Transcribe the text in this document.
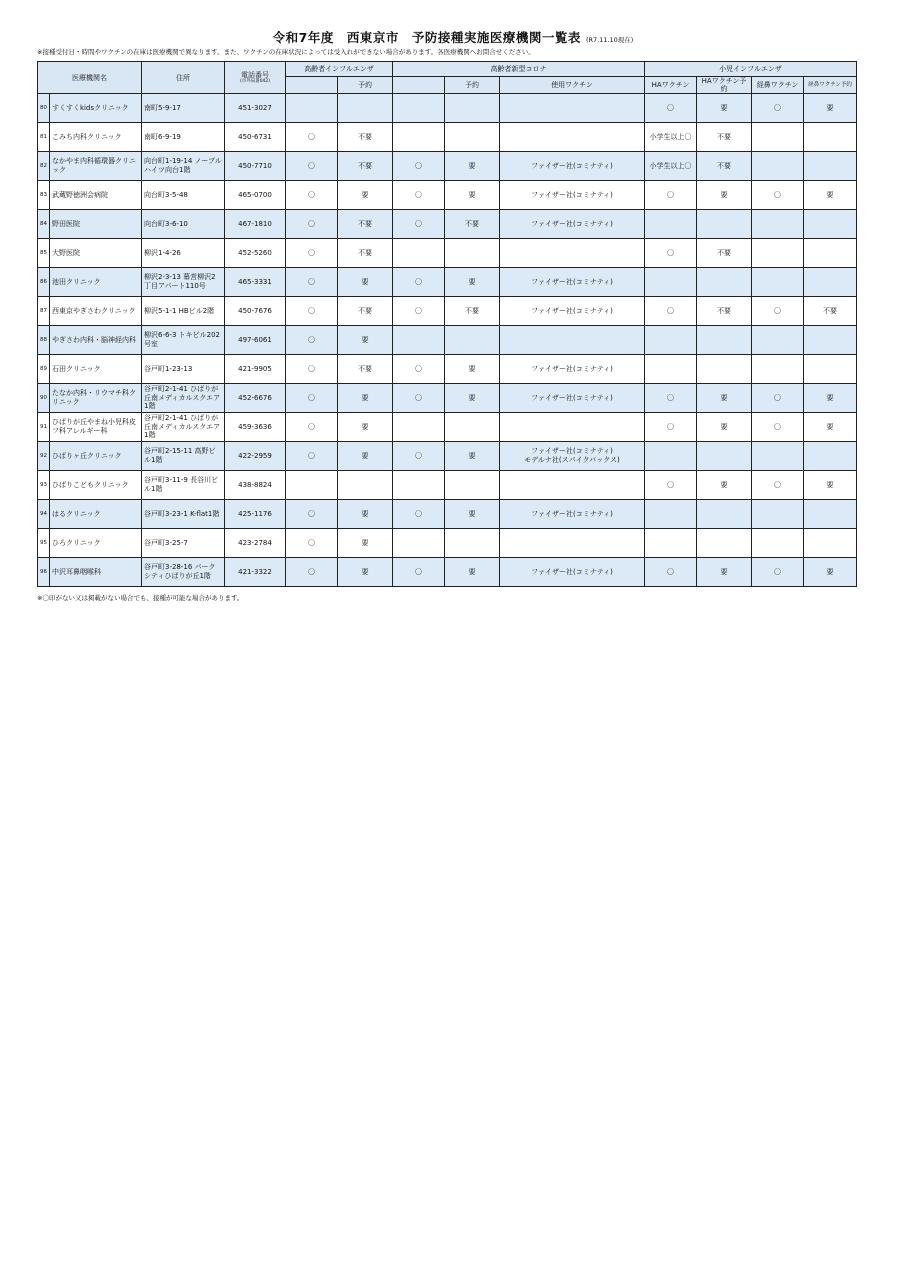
令和7年度　西東京市　予防接種実施医療機関一覧表 (R7.11.10現在)
※接種受付日・時間やワクチンの在庫は医療機関で異なります。また、ワクチンの在庫状況によっては受入れができない場合があります。各医療機関へお問合せください。
医療機関名		住所	電話番号
(市外局番042)	高齢者インフルエンザ		高齢者新型コロナ			小児インフルエンザ			
					予約		予約	使用ワクチン	HAワクチン	HAワクチン予約	経鼻ワクチン	経鼻ワクチン予約
80	すくすくkidsクリニック	南町5-9-17	451-3027						〇	要	〇	要
81	こみち内科クリニック	南町6-9-19	450-6731	〇	不要				小学生以上〇	不要		
82	なかやま内科循環器クリニック	向台町1-19-14 ノーブルハイツ向台1階	450-7710	〇	不要	〇	要	ファイザー社(コミナティ)	小学生以上〇	不要		
83	武蔵野徳洲会病院	向台町3-5-48	465-0700	〇	要	〇	要	ファイザー社(コミナティ)	〇	要	〇	要
84	野田医院	向台町3-6-10	467-1810	〇	不要	〇	不要	ファイザー社(コミナティ)				
85	大野医院	柳沢1-4-26	452-5260	〇	不要				〇	不要		
86	池田クリニック	柳沢2-3-13 幕営柳沢2丁目アパート110号	465-3331	〇	要	〇	要	ファイザー社(コミナティ)				
87	西東京やぎさわクリニック	柳沢5-1-1 HBビル2階	450-7676	〇	不要	〇	不要	ファイザー社(コミナティ)	〇	不要	〇	不要
88	やぎさわ内科・脳神経内科	柳沢6-6-3 トキビル202号室	497-6061	〇	要							
89	石田クリニック	谷戸町1-23-13	421-9905	〇	不要	〇	要	ファイザー社(コミナティ)				
90	たなか内科・リウマチ科クリニック	谷戸町2-1-41 ひばりが丘南メディカルスクエア1階	452-6676	〇	要	〇	要	ファイザー社(コミナティ)	〇	要	〇	要
91	ひばりが丘やまね小児科皮フ科アレルギー科	谷戸町2-1-41 ひばりが丘南メディカルスクエア1階	459-3636	〇	要				〇	要	〇	要
92	ひばりヶ丘クリニック	谷戸町2-15-11 高野ビル1階	422-2959	〇	要	〇	要	ファイザー社(コミナティ)
モデルナ社(スパイクバックス)				
93	ひばりこどもクリニック	谷戸町3-11-9 長谷川ビル1階	438-8824						〇	要	〇	要
94	はるクリニック	谷戸町3-23-1 K-flat1階	425-1176	〇	要	〇	要	ファイザー社(コミナティ)				
95	ひろクリニック	谷戸町3-25-7	423-2784	〇	要							
96	中沢耳鼻咽喉科	谷戸町3-28-16 パークシティひばりが丘1階	421-3322	〇	要	〇	要	ファイザー社(コミナティ)	〇	要	〇	要
※〇印がない又は掲載がない場合でも、接種が可能な場合があります。
